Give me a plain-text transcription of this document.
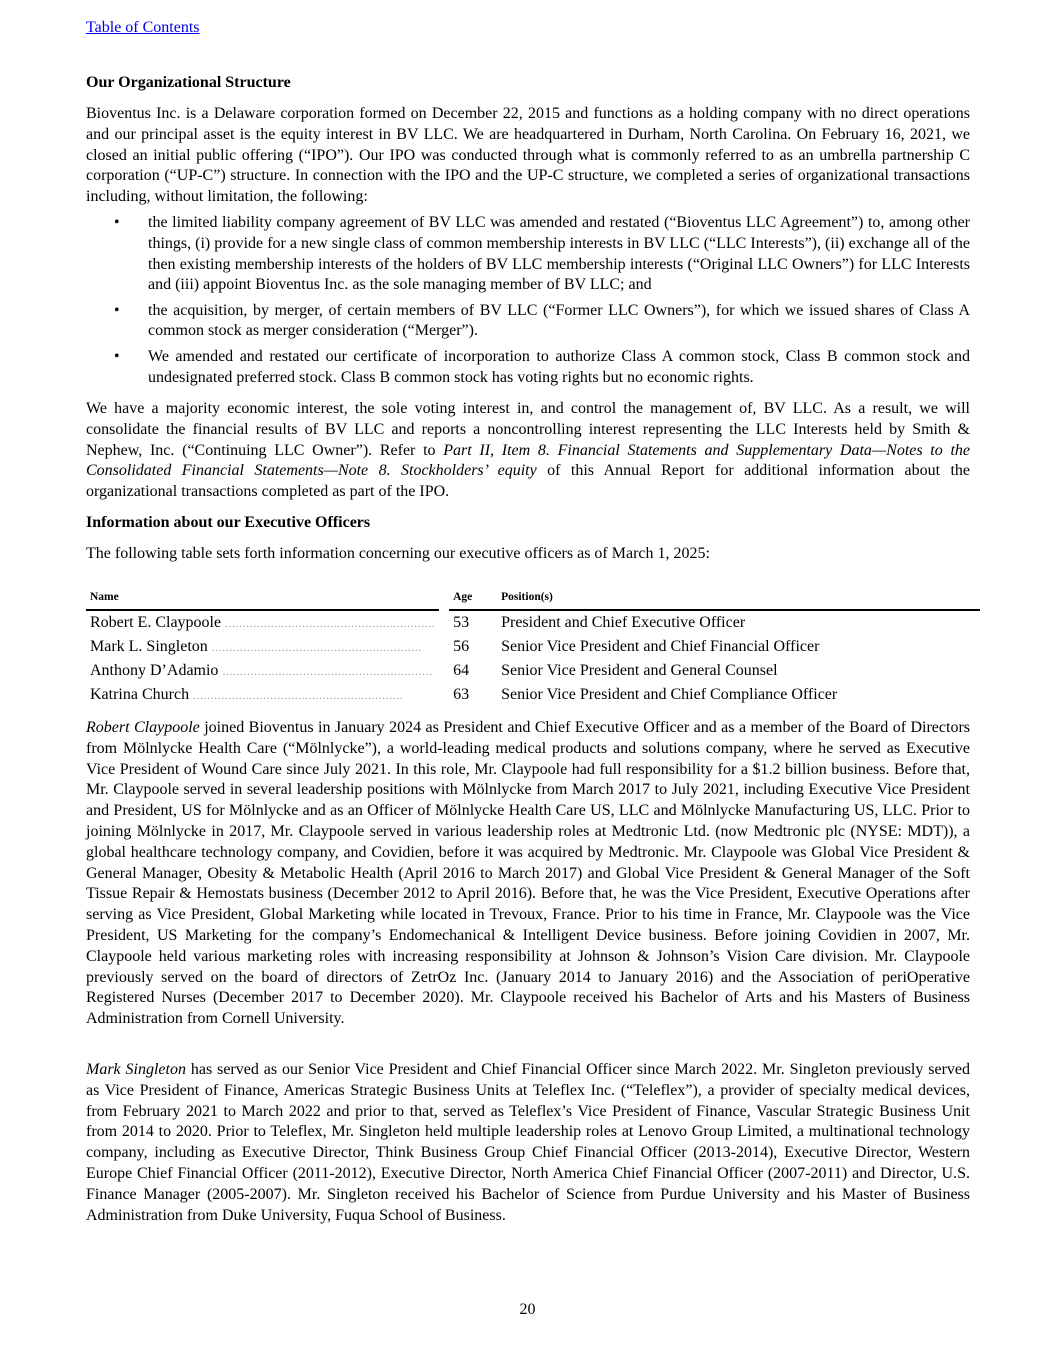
Table of Contents
Our Organizational Structure

Bioventus Inc. is a Delaware corporation formed on December 22, 2015 and functions as a holding company with no direct operations and our principal asset is the equity interest in BV LLC. We are headquartered in Durham, North Carolina. On February 16, 2021, we closed an initial public offering (“IPO”). Our IPO was conducted through what is commonly referred to as an umbrella partnership C corporation (“UP-C”) structure. In connection with the IPO and the UP-C structure, we completed a series of organizational transactions including, without limitation, the following:

• the limited liability company agreement of BV LLC was amended and restated (“Bioventus LLC Agreement”) to, among other things, (i) provide for a new single class of common membership interests in BV LLC (“LLC Interests”), (ii) exchange all of the then existing membership interests of the holders of BV LLC membership interests (“Original LLC Owners”) for LLC Interests and (iii) appoint Bioventus Inc. as the sole managing member of BV LLC; and
• the acquisition, by merger, of certain members of BV LLC (“Former LLC Owners”), for which we issued shares of Class A common stock as merger consideration (“Merger”).
• We amended and restated our certificate of incorporation to authorize Class A common stock, Class B common stock and undesignated preferred stock. Class B common stock has voting rights but no economic rights.

We have a majority economic interest, the sole voting interest in, and control the management of, BV LLC. As a result, we will consolidate the financial results of BV LLC and reports a noncontrolling interest representing the LLC Interests held by Smith & Nephew, Inc. (“Continuing LLC Owner”). Refer to Part II, Item 8. Financial Statements and Supplementary Data—Notes to the Consolidated Financial Statements—Note 8. Stockholders’ equity of this Annual Report for additional information about the organizational transactions completed as part of the IPO.

Information about our Executive Officers

The following table sets forth information concerning our executive officers as of March 1, 2025:

Name		Age	Position(s)
Robert E. Claypoole ............................................................		53	President and Chief Executive Officer
Mark L. Singleton ............................................................		56	Senior Vice President and Chief Financial Officer
Anthony D’Adamio ............................................................		64	Senior Vice President and General Counsel
Katrina Church ............................................................		63	Senior Vice President and Chief Compliance Officer

Robert Claypoole joined Bioventus in January 2024 as President and Chief Executive Officer and as a member of the Board of Directors from Mölnlycke Health Care (“Mölnlycke”), a world-leading medical products and solutions company, where he served as Executive Vice President of Wound Care since July 2021. In this role, Mr. Claypoole had full responsibility for a $1.2 billion business. Before that, Mr. Claypoole served in several leadership positions with Mölnlycke from March 2017 to July 2021, including Executive Vice President and President, US for Mölnlycke and as an Officer of Mölnlycke Health Care US, LLC and Mölnlycke Manufacturing US, LLC. Prior to joining Mölnlycke in 2017, Mr. Claypoole served in various leadership roles at Medtronic Ltd. (now Medtronic plc (NYSE: MDT)), a global healthcare technology company, and Covidien, before it was acquired by Medtronic. Mr. Claypoole was Global Vice President & General Manager, Obesity & Metabolic Health (April 2016 to March 2017) and Global Vice President & General Manager of the Soft Tissue Repair & Hemostats business (December 2012 to April 2016). Before that, he was the Vice President, Executive Operations after serving as Vice President, Global Marketing while located in Trevoux, France. Prior to his time in France, Mr. Claypoole was the Vice President, US Marketing for the company’s Endomechanical & Intelligent Device business. Before joining Covidien in 2007, Mr. Claypoole held various marketing roles with increasing responsibility at Johnson & Johnson’s Vision Care division. Mr. Claypoole previously served on the board of directors of ZetrOz Inc. (January 2014 to January 2016) and the Association of periOperative Registered Nurses (December 2017 to December 2020). Mr. Claypoole received his Bachelor of Arts and his Masters of Business Administration from Cornell University.

Mark Singleton has served as our Senior Vice President and Chief Financial Officer since March 2022. Mr. Singleton previously served as Vice President of Finance, Americas Strategic Business Units at Teleflex Inc. (“Teleflex”), a provider of specialty medical devices, from February 2021 to March 2022 and prior to that, served as Teleflex’s Vice President of Finance, Vascular Strategic Business Unit from 2014 to 2020. Prior to Teleflex, Mr. Singleton held multiple leadership roles at Lenovo Group Limited, a multinational technology company, including as Executive Director, Think Business Group Chief Financial Officer (2013-2014), Executive Director, Western Europe Chief Financial Officer (2011-2012), Executive Director, North America Chief Financial Officer (2007-2011) and Director, U.S. Finance Manager (2005-2007). Mr. Singleton received his Bachelor of Science from Purdue University and his Master of Business Administration from Duke University, Fuqua School of Business.

20
